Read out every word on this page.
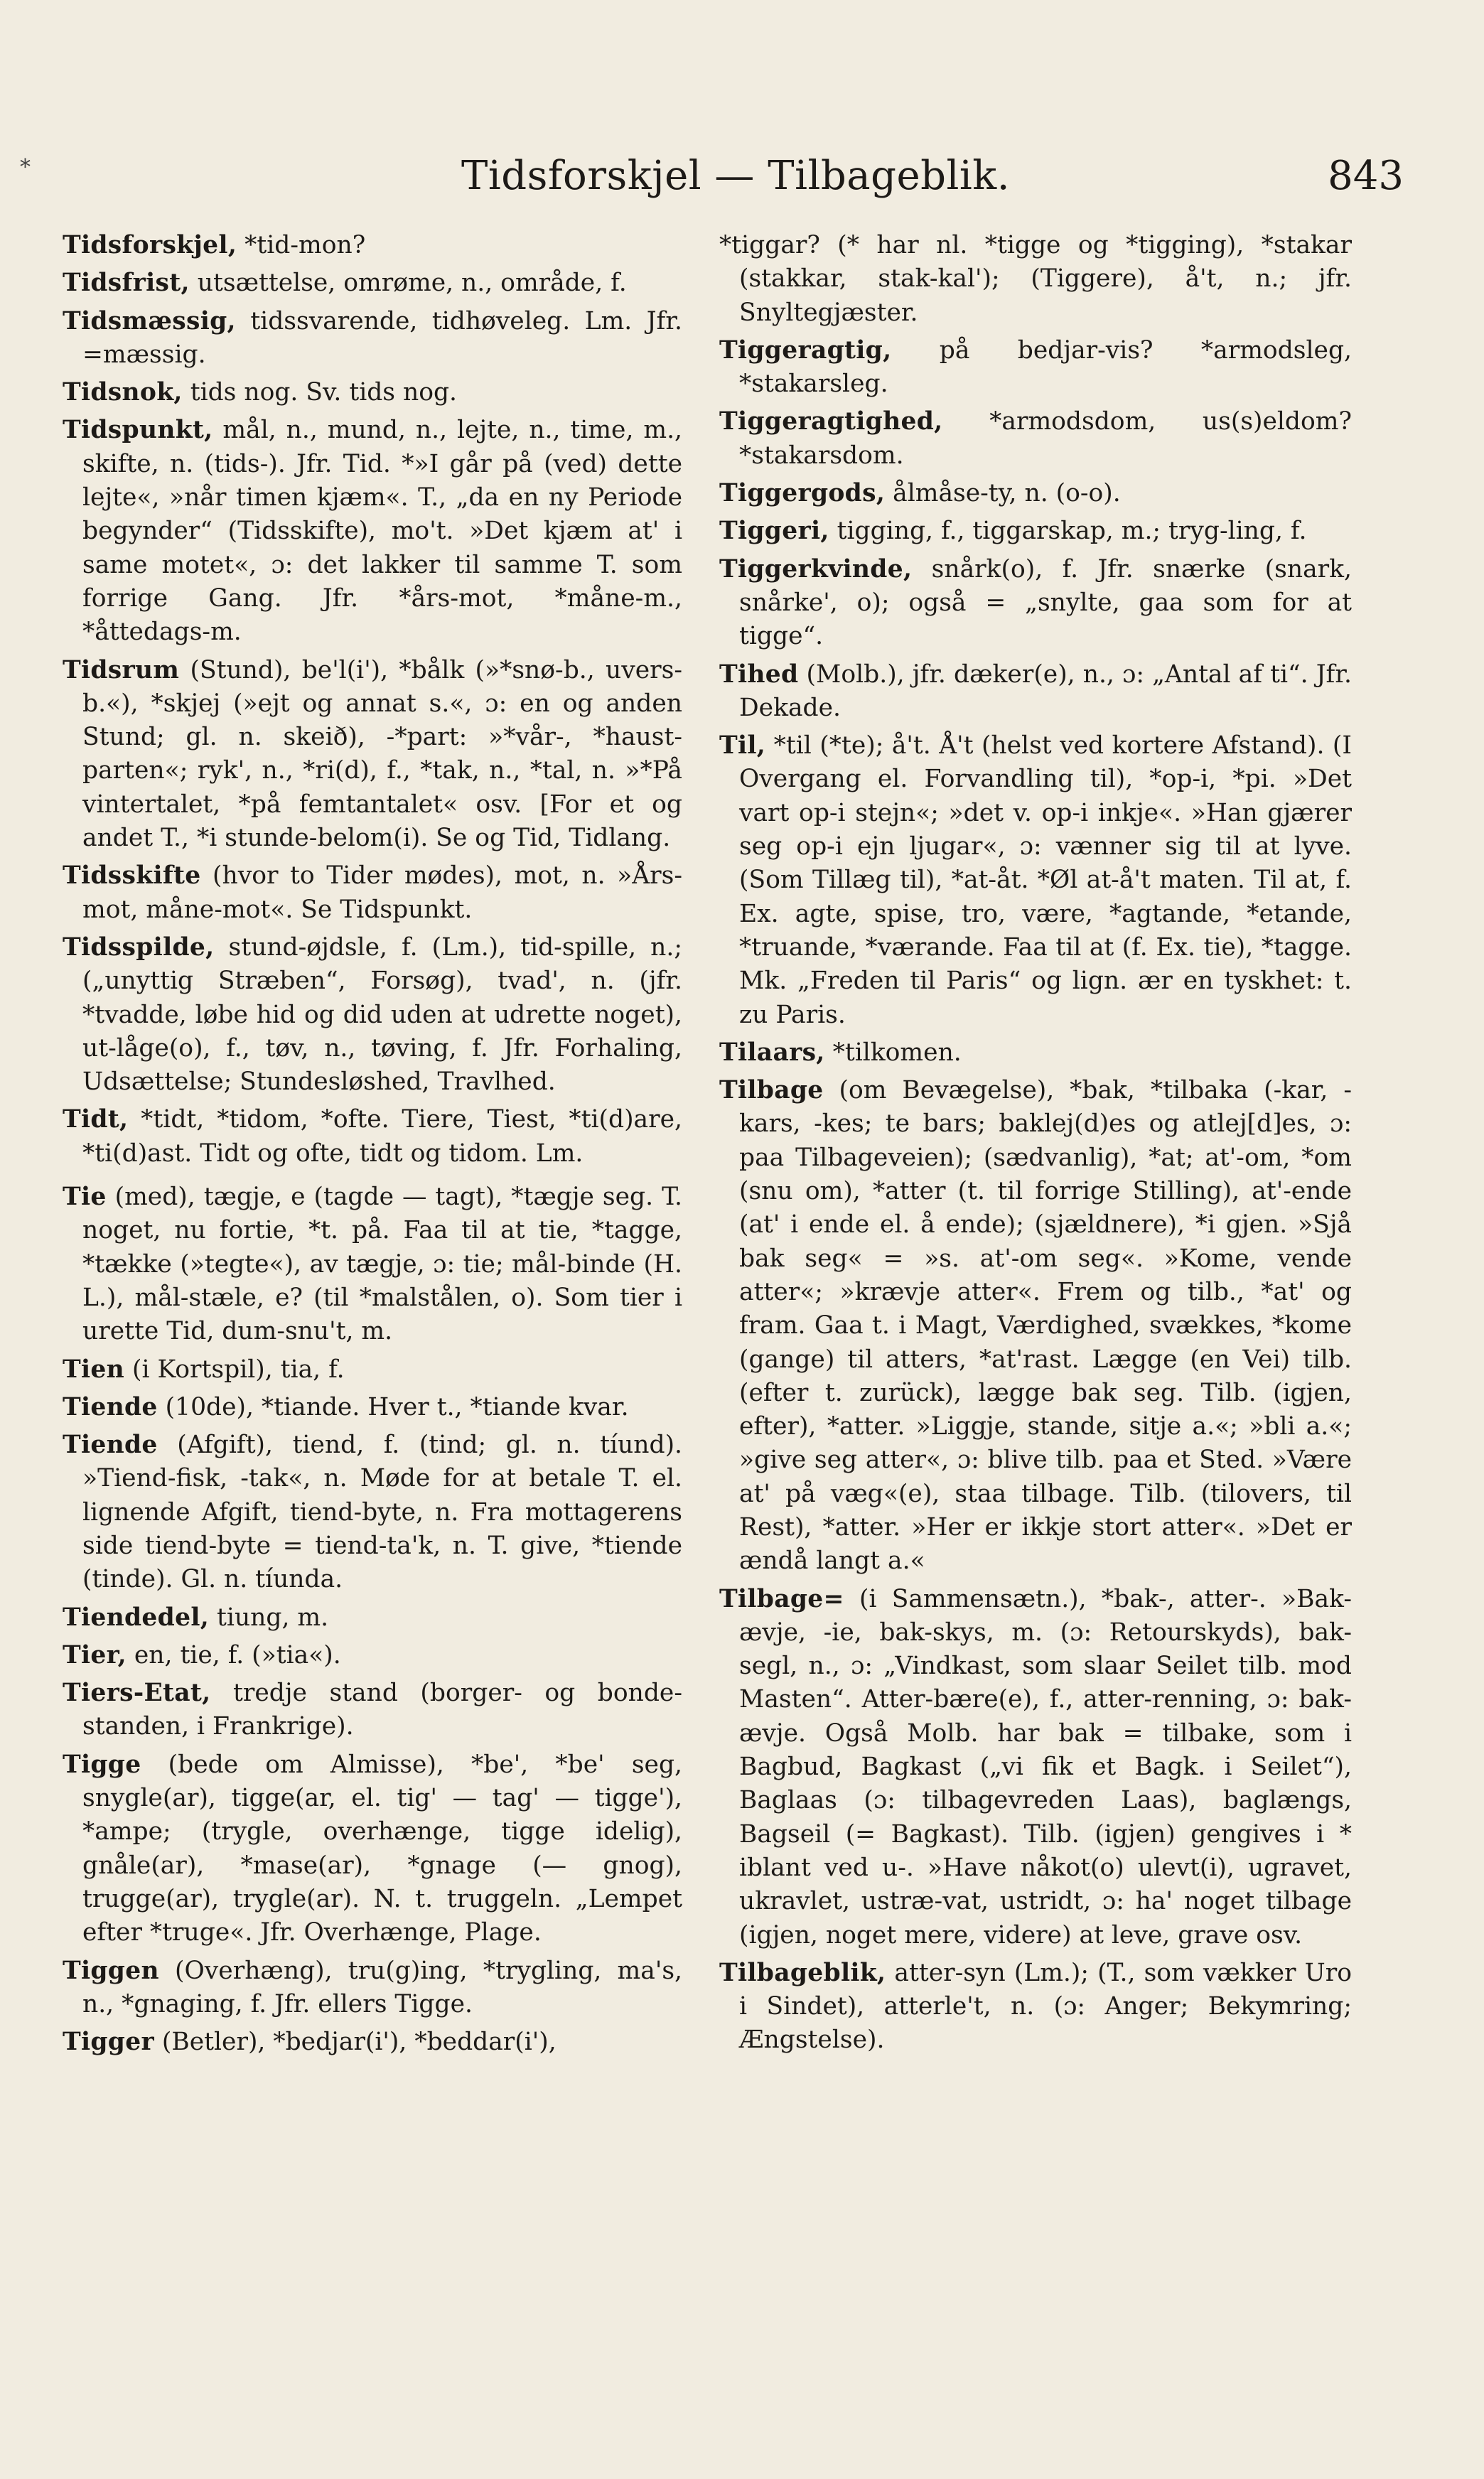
*	Tidsforskjel — Tilbageblik.	843
Tidsforskjel, *tid-mon?
Tidsfrist, utsættelse, omrøme, n., område, f.
Tidsmæssig, tidssvarende, tidhøveleg. Lm. Jfr. =mæssig.
Tidsnok, tids nog. Sv. tids nog.
Tidspunkt, mål, n., mund, n., lejte, n., time, m., skifte, n. (tids-). Jfr. Tid. *»I går på (ved) dette lejte«, »når timen kjæm«. T., „da en ny Periode begynder“ (Tidsskifte), mo't. »Det kjæm at' i same motet«, ɔ: det lakker til samme T. som forrige Gang. Jfr. *års-mot, *måne-m., *åttedags-m.
Tidsrum (Stund), be'l(i'), *bålk (»*snø-b., uvers-b.«), *skjej (»ejt og annat s.«, ɔ: en og anden Stund; gl. n. skeið), -*part: »*vår-, *haust-parten«; ryk', n., *ri(d), f., *tak, n., *tal, n. »*På vintertalet, *på femtantalet« osv. [For et og andet T., *i stunde-belom(i). Se og Tid, Tidlang.
Tidsskifte (hvor to Tider mødes), mot, n. »Års-mot, måne-mot«. Se Tidspunkt.
Tidsspilde, stund-øjdsle, f. (Lm.), tid-spille, n.; („unyttig Stræben“, Forsøg), tvad', n. (jfr. *tvadde, løbe hid og did uden at udrette noget), ut-låge(o), f., tøv, n., tøving, f. Jfr. Forhaling, Udsættelse; Stundesløshed, Travlhed.
Tidt, *tidt, *tidom, *ofte. Tiere, Tiest, *ti(d)are, *ti(d)ast. Tidt og ofte, tidt og tidom. Lm.
Tie (med), tægje, e (tagde — tagt), *tægje seg. T. noget, nu fortie, *t. på. Faa til at tie, *tagge, *tække (»tegte«), av tægje, ɔ: tie; mål-binde (H. L.), mål-stæle, e? (til *malstålen, o). Som tier i urette Tid, dum-snu't, m.
Tien (i Kortspil), tia, f.
Tiende (10de), *tiande. Hver t., *tiande kvar.
Tiende (Afgift), tiend, f. (tind; gl. n. tíund). »Tiend-fisk, -tak«, n. Møde for at betale T. el. lignende Afgift, tiend-byte, n. Fra mottagerens side tiend-byte = tiend-ta'k, n. T. give, *tiende (tinde). Gl. n. tíunda.
Tiendedel, tiung, m.
Tier, en, tie, f. (»tia«).
Tiers-Etat, tredje stand (borger- og bonde-standen, i Frankrige).
Tigge (bede om Almisse), *be', *be' seg, snygle(ar), tigge(ar, el. tig' — tag' — tigge'), *ampe; (trygle, overhænge, tigge idelig), gnåle(ar), *mase(ar), *gnage (— gnog), trugge(ar), trygle(ar). N. t. truggeln. „Lempet efter *truge«. Jfr. Overhænge, Plage.
Tiggen (Overhæng), tru(g)ing, *trygling, ma's, n., *gnaging, f. Jfr. ellers Tigge.
Tigger (Betler), *bedjar(i'), *beddar(i'),
*tiggar? (* har nl. *tigge og *tigging), *stakar (stakkar, stak-kal'); (Tiggere), å't, n.; jfr. Snyltegjæster.
Tiggeragtig, på bedjar-vis? *armodsleg, *stakarsleg.
Tiggeragtighed, *armodsdom, us(s)eldom? *stakarsdom.
Tiggergods, ålmåse-ty, n. (o-o).
Tiggeri, tigging, f., tiggarskap, m.; tryg-ling, f.
Tiggerkvinde, snårk(o), f. Jfr. snærke (snark, snårke', o); også = „snylte, gaa som for at tigge“.
Tihed (Molb.), jfr. dæker(e), n., ɔ: „Antal af ti“. Jfr. Dekade.
Til, *til (*te); å't. Å't (helst ved kortere Afstand). (I Overgang el. Forvandling til), *op-i, *pi. »Det vart op-i stejn«; »det v. op-i inkje«. »Han gjærer seg op-i ejn ljugar«, ɔ: vænner sig til at lyve. (Som Tillæg til), *at-åt. *Øl at-å't maten. Til at, f. Ex. agte, spise, tro, være, *agtande, *etande, *truande, *værande. Faa til at (f. Ex. tie), *tagge. Mk. „Freden til Paris“ og lign. ær en tyskhet: t. zu Paris.
Tilaars, *tilkomen.
Tilbage (om Bevægelse), *bak, *tilbaka (-kar, -kars, -kes; te bars; baklej(d)es og atlej[d]es, ɔ: paa Tilbageveien); (sædvanlig), *at; at'-om, *om (snu om), *atter (t. til forrige Stilling), at'-ende (at' i ende el. å ende); (sjældnere), *i gjen. »Sjå bak seg« = »s. at'-om seg«. »Kome, vende atter«; »krævje atter«. Frem og tilb., *at' og fram. Gaa t. i Magt, Værdighed, svækkes, *kome (gange) til atters, *at'rast. Lægge (en Vei) tilb. (efter t. zurück), lægge bak seg. Tilb. (igjen, efter), *atter. »Liggje, stande, sitje a.«; »bli a.«; »give seg atter«, ɔ: blive tilb. paa et Sted. »Være at' på væg«(e), staa tilbage. Tilb. (tilovers, til Rest), *atter. »Her er ikkje stort atter«. »Det er ændå langt a.«
Tilbage= (i Sammensætn.), *bak-, atter-. »Bak-ævje, -ie, bak-skys, m. (ɔ: Retourskyds), bak-segl, n., ɔ: „Vindkast, som slaar Seilet tilb. mod Masten“. Atter-bære(e), f., atter-renning, ɔ: bak-ævje. Også Molb. har bak = tilbake, som i Bagbud, Bagkast („vi fik et Bagk. i Seilet“), Baglaas (ɔ: tilbagevreden Laas), baglængs, Bagseil (= Bagkast). Tilb. (igjen) gengives i * iblant ved u-. »Have nåkot(o) ulevt(i), ugravet, ukravlet, ustræ-vat, ustridt, ɔ: ha' noget tilbage (igjen, noget mere, videre) at leve, grave osv.
Tilbageblik, atter-syn (Lm.); (T., som vækker Uro i Sindet), atterle't, n. (ɔ: Anger; Bekymring; Ængstelse).
